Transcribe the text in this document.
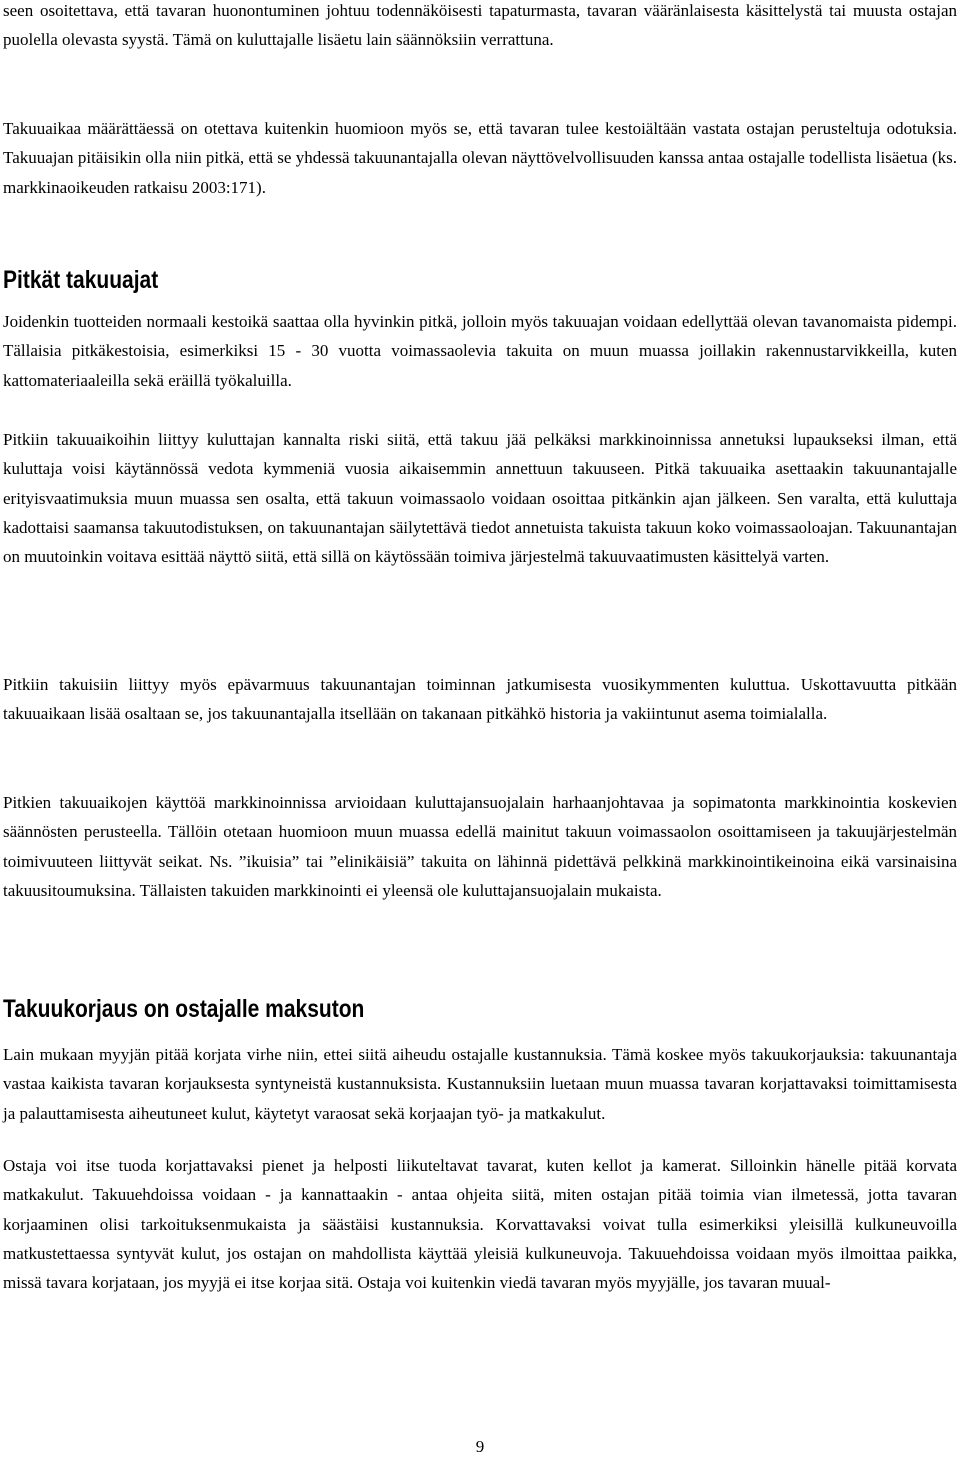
seen osoitettava, että tavaran huonontuminen johtuu todennäköisesti tapaturmasta, tavaran vääränlaisesta käsittelystä tai muusta ostajan puolella olevasta syystä. Tämä on kuluttajalle lisäetu lain säännöksiin verrattuna.

Takuuaikaa määrättäessä on otettava kuitenkin huomioon myös se, että tavaran tulee kestoiältään vastata ostajan perusteltuja odotuksia. Takuuajan pitäisikin olla niin pitkä, että se yhdessä takuunantajalla olevan näyttövelvollisuuden kanssa antaa ostajalle todellista lisäetua (ks. markkinaoikeuden ratkaisu 2003:171).

Pitkät takuuajat

Joidenkin tuotteiden normaali kestoikä saattaa olla hyvinkin pitkä, jolloin myös takuuajan voidaan edellyttää olevan tavanomaista pidempi. Tällaisia pitkäkestoisia, esimerkiksi 15 - 30 vuotta voimassaolevia takuita on muun muassa joillakin rakennustarvikkeilla, kuten kattomateriaaleilla sekä eräillä työkaluilla.

Pitkiin takuuaikoihin liittyy kuluttajan kannalta riski siitä, että takuu jää pelkäksi markkinoinnissa annetuksi lupaukseksi ilman, että kuluttaja voisi käytännössä vedota kymmeniä vuosia aikaisemmin annettuun takuuseen. Pitkä takuuaika asettaakin takuunantajalle erityisvaatimuksia muun muassa sen osalta, että takuun voimassaolo voidaan osoittaa pitkänkin ajan jälkeen. Sen varalta, että kuluttaja kadottaisi saamansa takuutodistuksen, on takuunantajan säilytettävä tiedot annetuista takuista takuun koko voimassaoloajan. Takuunantajan on muutoinkin voitava esittää näyttö siitä, että sillä on käytössään toimiva järjestelmä takuuvaatimusten käsittelyä varten.

Pitkiin takuisiin liittyy myös epävarmuus takuunantajan toiminnan jatkumisesta vuosikymmenten kuluttua. Uskottavuutta pitkään takuuaikaan lisää osaltaan se, jos takuunantajalla itsellään on takanaan pitkähkö historia ja vakiintunut asema toimialalla.

Pitkien takuuaikojen käyttöä markkinoinnissa arvioidaan kuluttajansuojalain harhaanjohtavaa ja sopimatonta markkinointia koskevien säännösten perusteella. Tällöin otetaan huomioon muun muassa edellä mainitut takuun voimassaolon osoittamiseen ja takuujärjestelmän toimivuuteen liittyvät seikat. Ns. ”ikuisia” tai ”elinikäisiä” takuita on lähinnä pidettävä pelkkinä markkinointikeinoina eikä varsinaisina takuusitoumuksina. Tällaisten takuiden markkinointi ei yleensä ole kuluttajansuojalain mukaista.

Takuukorjaus on ostajalle maksuton

Lain mukaan myyjän pitää korjata virhe niin, ettei siitä aiheudu ostajalle kustannuksia. Tämä koskee myös takuukorjauksia: takuunantaja vastaa kaikista tavaran korjauksesta syntyneistä kustannuksista. Kustannuksiin luetaan muun muassa tavaran korjattavaksi toimittamisesta ja palauttamisesta aiheutuneet kulut, käytetyt varaosat sekä korjaajan työ- ja matkakulut.

Ostaja voi itse tuoda korjattavaksi pienet ja helposti liikuteltavat tavarat, kuten kellot ja kamerat. Silloinkin hänelle pitää korvata matkakulut. Takuuehdoissa voidaan - ja kannattaakin - antaa ohjeita siitä, miten ostajan pitää toimia vian ilmetessä, jotta tavaran korjaaminen olisi tarkoituksenmukaista ja säästäisi kustannuksia. Korvattavaksi voivat tulla esimerkiksi yleisillä kulkuneuvoilla matkustettaessa syntyvät kulut, jos ostajan on mahdollista käyttää yleisiä kulkuneuvoja. Takuuehdoissa voidaan myös ilmoittaa paikka, missä tavara korjataan, jos myyjä ei itse korjaa sitä. Ostaja voi kuitenkin viedä tavaran myös myyjälle, jos tavaran muual-

9
